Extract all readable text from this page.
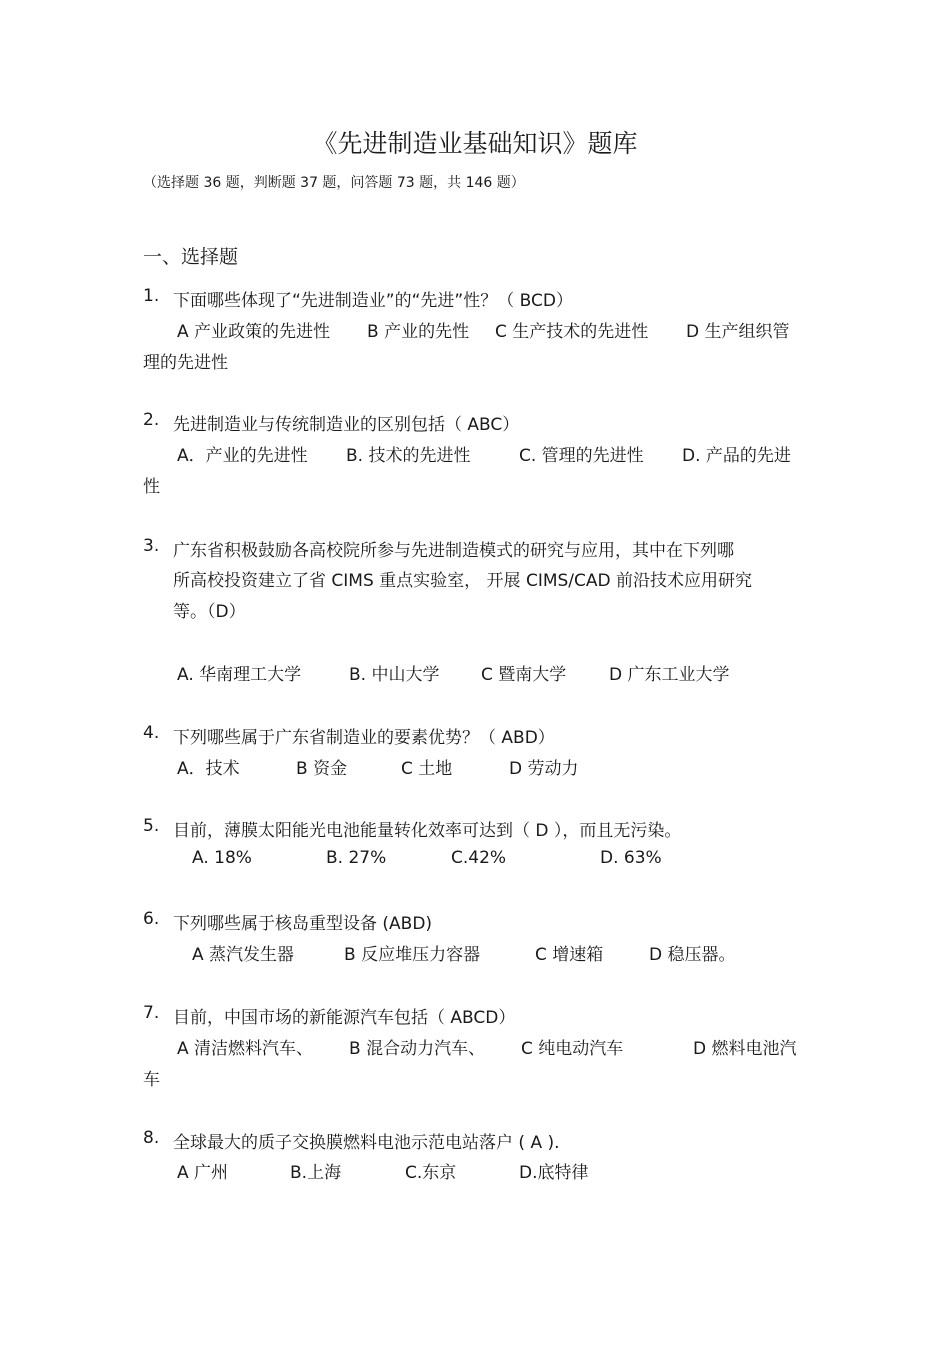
《先进制造业基础知识》题库
（选择题 36 题，判断题 37 题，问答题 73 题，共 146 题）
一、选择题
1. 下面哪些体现了“先进制造业”的“先进”性？（ BCD）
A 产业政策的先进性 B 产业的先性 C 生产技术的先进性 D 生产组织管
理的先进性
2. 先进制造业与传统制造业的区别包括（ ABC）
A．产业的先进性 B. 技术的先进性	C. 管理的先进性 D. 产品的先进
性
3. 广东省积极鼓励各高校院所参与先进制造模式的研究与应用，其中在下列哪
所高校投资建立了省 CIMS 重点实验室， 开展 CIMS/CAD 前沿技术应用研究
等。（D）
A. 华南理工大学	B. 中山大学 C 暨南大学	D 广东工业大学
4. 下列哪些属于广东省制造业的要素优势？（ ABD）
A．技术	B 资金	C 土地	D 劳动力
5. 目前，薄膜太阳能光电池能量转化效率可达到（ D ），而且无污染。
A. 18%	B. 27%	C.42%	D. 63%
6. 下列哪些属于核岛重型设备 (ABD)
A 蒸汽发生器	B 反应堆压力容器	C 增速箱	D 稳压器。
7. 目前，中国市场的新能源汽车包括（ ABCD）
A 清洁燃料汽车、 B 混合动力汽车、 C 纯电动汽车	D 燃料电池汽
车
8. 全球最大的质子交换膜燃料电池示范电站落户 ( A ).
A 广州	B.上海	C.东京	D.底特律
